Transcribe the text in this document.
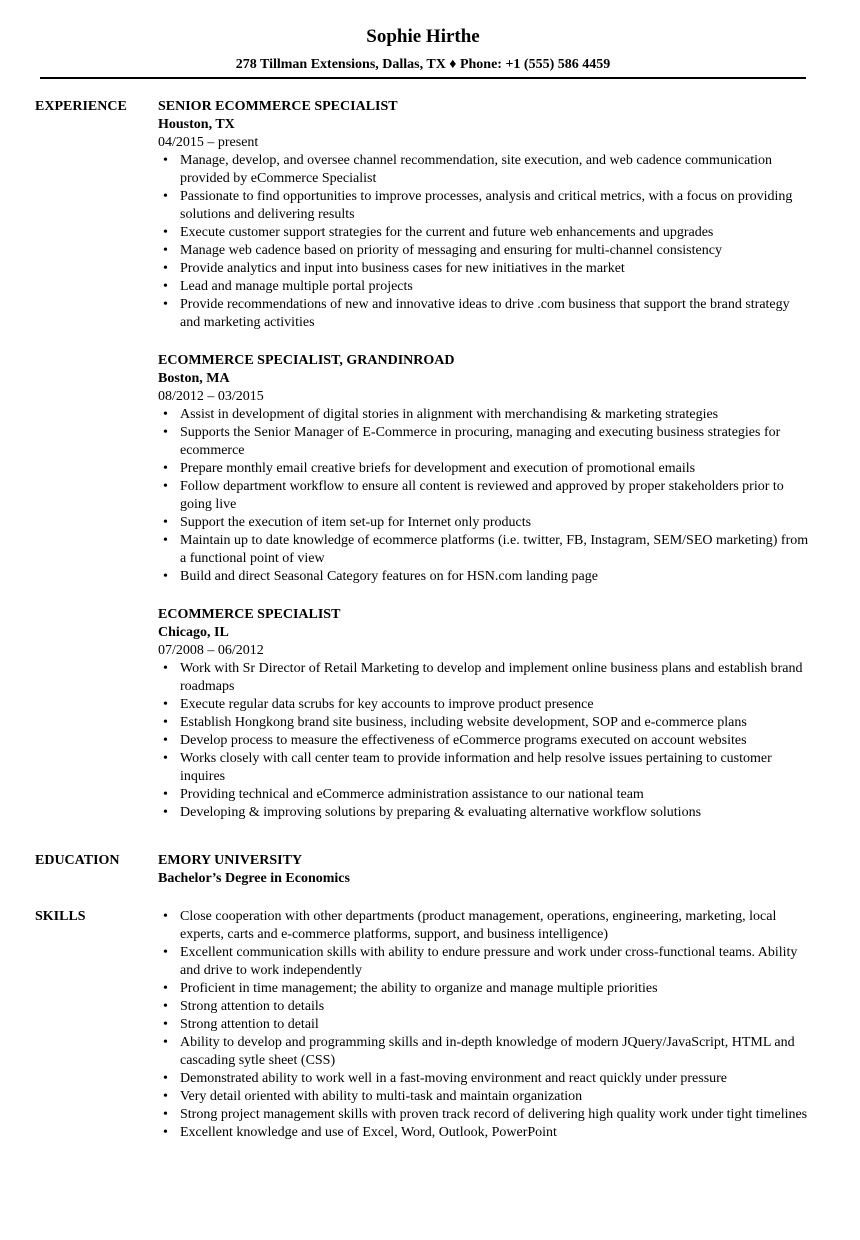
Sophie Hirthe
278 Tillman Extensions, Dallas, TX ♦ Phone: +1 (555) 586 4459
EXPERIENCE SENIOR ECOMMERCE SPECIALIST
Houston, TX
04/2015 – present
• Manage, develop, and oversee channel recommendation, site execution, and web cadence communication provided by eCommerce Specialist
• Passionate to find opportunities to improve processes, analysis and critical metrics, with a focus on providing solutions and delivering results
• Execute customer support strategies for the current and future web enhancements and upgrades
• Manage web cadence based on priority of messaging and ensuring for multi-channel consistency
• Provide analytics and input into business cases for new initiatives in the market
• Lead and manage multiple portal projects
• Provide recommendations of new and innovative ideas to drive .com business that support the brand strategy and marketing activities
ECOMMERCE SPECIALIST, GRANDINROAD
Boston, MA
08/2012 – 03/2015
• Assist in development of digital stories in alignment with merchandising & marketing strategies
• Supports the Senior Manager of E-Commerce in procuring, managing and executing business strategies for ecommerce
• Prepare monthly email creative briefs for development and execution of promotional emails
• Follow department workflow to ensure all content is reviewed and approved by proper stakeholders prior to going live
• Support the execution of item set-up for Internet only products
• Maintain up to date knowledge of ecommerce platforms (i.e. twitter, FB, Instagram, SEM/SEO marketing) from a functional point of view
• Build and direct Seasonal Category features on for HSN.com landing page
ECOMMERCE SPECIALIST
Chicago, IL
07/2008 – 06/2012
• Work with Sr Director of Retail Marketing to develop and implement online business plans and establish brand roadmaps
• Execute regular data scrubs for key accounts to improve product presence
• Establish Hongkong brand site business, including website development, SOP and e-commerce plans
• Develop process to measure the effectiveness of eCommerce programs executed on account websites
• Works closely with call center team to provide information and help resolve issues pertaining to customer inquires
• Providing technical and eCommerce administration assistance to our national team
• Developing & improving solutions by preparing & evaluating alternative workflow solutions
EDUCATION	EMORY UNIVERSITY
Bachelor’s Degree in Economics
SKILLS
•	Close cooperation with other departments (product management, operations, engineering, marketing, local experts, carts and e-commerce platforms, support, and business intelligence)
• Excellent communication skills with ability to endure pressure and work under cross-functional teams. Ability and drive to work independently
• Proficient in time management; the ability to organize and manage multiple priorities
• Strong attention to details
• Strong attention to detail
• Ability to develop and programming skills and in-depth knowledge of modern JQuery/JavaScript, HTML and cascading sytle sheet (CSS)
• Demonstrated ability to work well in a fast-moving environment and react quickly under pressure
• Very detail oriented with ability to multi-task and maintain organization
• Strong project management skills with proven track record of delivering high quality work under tight timelines
• Excellent knowledge and use of Excel, Word, Outlook, PowerPoint
